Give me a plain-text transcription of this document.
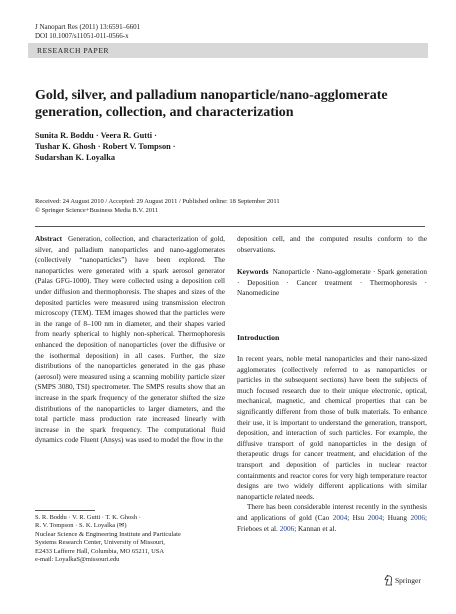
J Nanopart Res (2011) 13:6591–6601
DOI 10.1007/s11051-011-0566-x
RESEARCH PAPER
Gold, silver, and palladium nanoparticle/nano-agglomerate generation, collection, and characterization
Sunita R. Boddu · Veera R. Gutti ·
Tushar K. Ghosh · Robert V. Tompson ·
Sudarshan K. Loyalka
Received: 24 August 2010 / Accepted: 29 August 2011 / Published online: 18 September 2011
© Springer Science+Business Media B.V. 2011

Abstract Generation, collection, and characterization of gold, silver, and palladium nanoparticles and nano-agglomerates (collectively “nanoparticles”) have been explored. The nanoparticles were generated with a spark aerosol generator (Palas GFG-1000). They were collected using a deposition cell under diffusion and thermophoresis. The shapes and sizes of the deposited particles were measured using transmission electron microscopy (TEM). TEM images showed that the particles were in the range of 8–100 nm in diameter, and their shapes varied from nearly spherical to highly non-spherical. Thermophoresis enhanced the deposition of nanoparticles (over the diffusive or the isothermal deposition) in all cases. Further, the size distributions of the nanoparticles generated in the gas phase (aerosol) were measured using a scanning mobility particle sizer (SMPS 3080, TSI) spectrometer. The SMPS results show that an increase in the spark frequency of the generator shifted the size distributions of the nanoparticles to larger diameters, and the total particle mass production rate increased linearly with increase in the spark frequency. The computational fluid dynamics code Fluent (Ansys) was used to model the flow in the

deposition cell, and the computed results conform to the observations.

Keywords Nanoparticle · Nano-agglomerate · Spark generation · Deposition · Cancer treatment · Thermophoresis · Nanomedicine

Introduction

In recent years, noble metal nanoparticles and their nano-sized agglomerates (collectively referred to as nanoparticles or particles in the subsequent sections) have been the subjects of much focused research due to their unique electronic, optical, mechanical, magnetic, and chemical properties that can be significantly different from those of bulk materials. To enhance their use, it is important to understand the generation, transport, deposition, and interaction of such particles. For example, the diffusive transport of gold nanoparticles in the design of therapeutic drugs for cancer treatment, and elucidation of the transport and deposition of particles in nuclear reactor containments and reactor cores for very high temperature reactor designs are two widely different applications with similar nanoparticle related needs.

There has been considerable interest recently in the synthesis and applications of gold (Cao 2004; Hsu 2004; Huang 2006; Frieboes et al. 2006; Kannan et al.

S. R. Boddu · V. R. Gutti · T. K. Ghosh ·
R. V. Tompson · S. K. Loyalka (✉)
Nuclear Science & Engineering Institute and Particulate
Systems Research Center, University of Missouri,
E2433 Lafferre Hall, Columbia, MO 65211, USA
e-mail: LoyalkaS@missouri.edu
Springer
